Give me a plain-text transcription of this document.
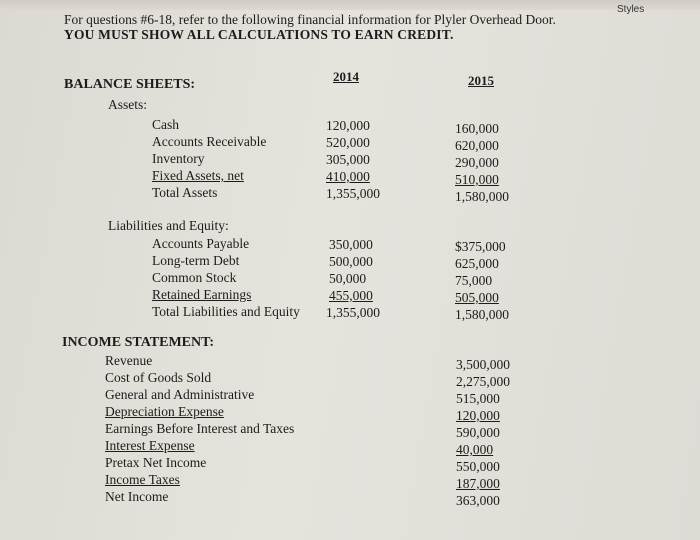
Styles
For questions #6-18, refer to the following financial information for Plyler Overhead Door.
YOU MUST SHOW ALL CALCULATIONS TO EARN CREDIT.
2014	2015
BALANCE SHEETS:
Assets:
Cash
Accounts Receivable
Inventory
Fixed Assets, net
Total Assets
120,000
520,000
305,000
410,000
1,355,000
160,000
620,000
290,000
510,000
1,580,000
Liabilities and Equity:
Accounts Payable
Long-term Debt
Common Stock
Retained Earnings
Total Liabilities and Equity
350,000
500,000
50,000
455,000
1,355,000
$375,000
625,000
75,000
505,000
1,580,000
INCOME STATEMENT:
Revenue
Cost of Goods Sold
General and Administrative
Depreciation Expense
Earnings Before Interest and Taxes
Interest Expense
Pretax Net Income
Income Taxes
Net Income
3,500,000
2,275,000
515,000
120,000
590,000
40,000
550,000
187,000
363,000
